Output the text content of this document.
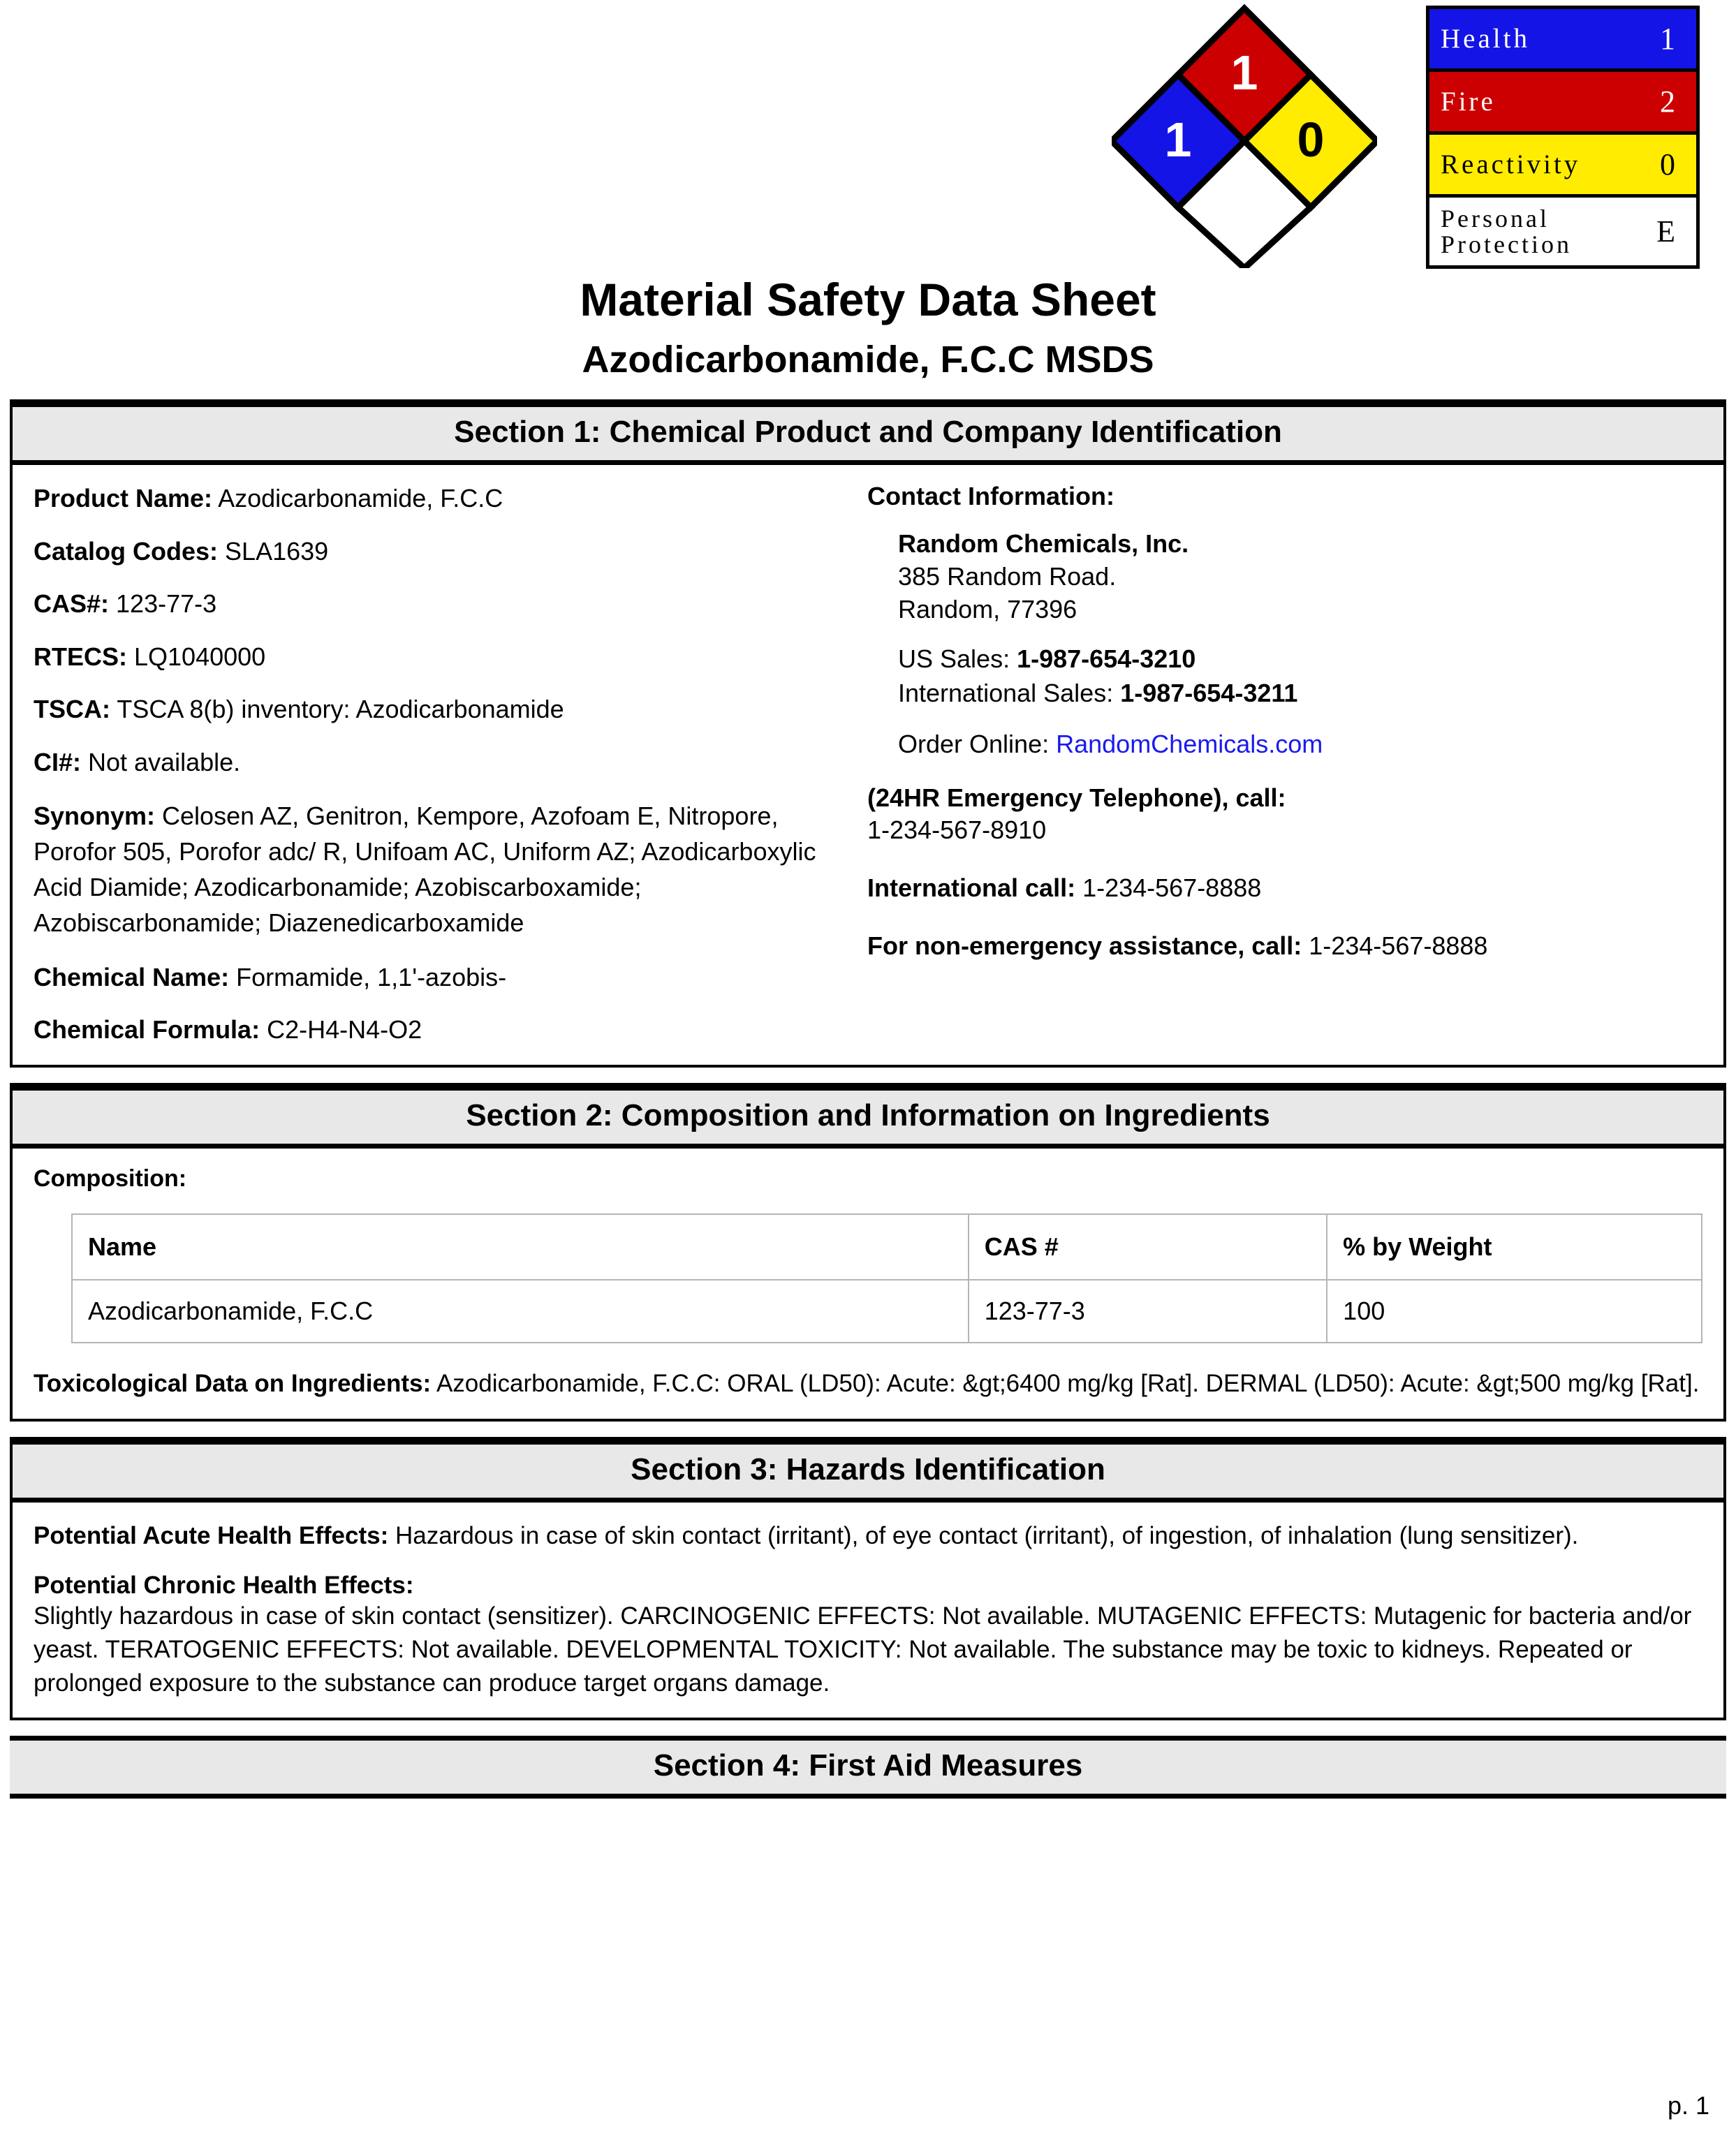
1
1 0
Health	1
Fire	2
Reactivity	0
Personal
Protection	E
Material Safety Data Sheet
Azodicarbonamide, F.C.C MSDS
Section 1: Chemical Product and Company Identification
Product Name: Azodicarbonamide, F.C.C
Catalog Codes: SLA1639
CAS#: 123-77-3
RTECS: LQ1040000
TSCA: TSCA 8(b) inventory: Azodicarbonamide
CI#: Not available.
Synonym: Celosen AZ, Genitron, Kempore, Azofoam E, Nitropore, Porofor 505, Porofor adc/ R, Unifoam AC, Uniform AZ; Azodicarboxylic Acid Diamide; Azodicarbonamide; Azobiscarboxamide; Azobiscarbonamide; Diazenedicarboxamide
Chemical Name: Formamide, 1,1'-azobis-
Chemical Formula: C2-H4-N4-O2
Contact Information:
Random Chemicals, Inc.
385 Random Road.
Random, 77396
US Sales: 1-987-654-3210
International Sales: 1-987-654-3211
Order Online: RandomChemicals.com
(24HR Emergency Telephone), call:
1-234-567-8910
International call: 1-234-567-8888
For non-emergency assistance, call: 1-234-567-8888
Section 2: Composition and Information on Ingredients
Composition:
Name	CAS #	% by Weight
Azodicarbonamide, F.C.C	123-77-3	100
Toxicological Data on Ingredients: Azodicarbonamide, F.C.C: ORAL (LD50): Acute: &gt;6400 mg/kg [Rat]. DERMAL (LD50): Acute: &gt;500 mg/kg [Rat].
Section 3: Hazards Identification
Potential Acute Health Effects: Hazardous in case of skin contact (irritant), of eye contact (irritant), of ingestion, of inhalation (lung sensitizer).
Potential Chronic Health Effects:
Slightly hazardous in case of skin contact (sensitizer). CARCINOGENIC EFFECTS: Not available. MUTAGENIC EFFECTS: Mutagenic for bacteria and/or yeast. TERATOGENIC EFFECTS: Not available. DEVELOPMENTAL TOXICITY: Not available. The substance may be toxic to kidneys. Repeated or prolonged exposure to the substance can produce target organs damage.
Section 4: First Aid Measures
p. 1
